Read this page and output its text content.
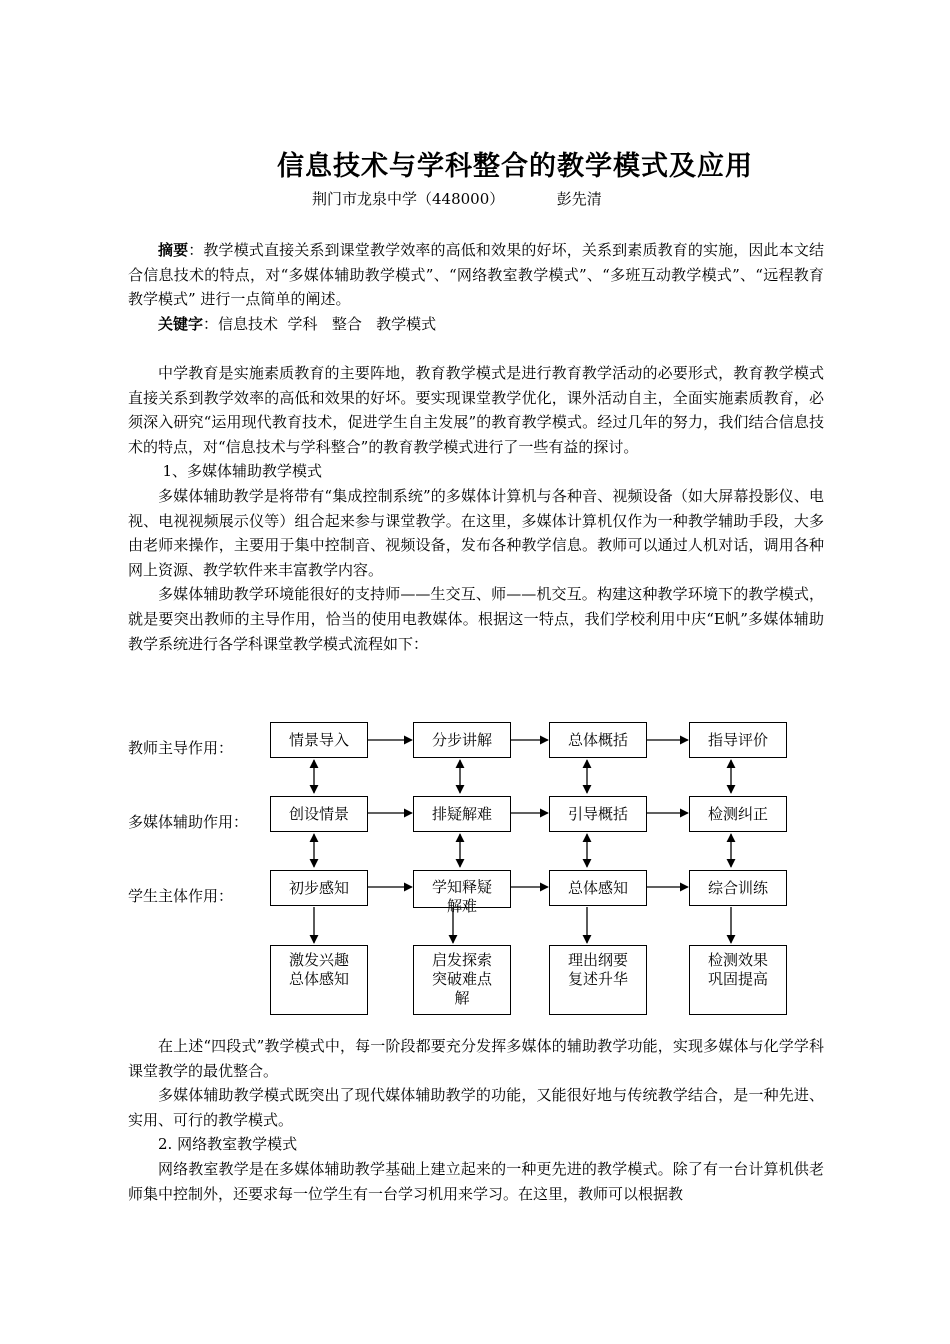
信息技术与学科整合的教学模式及应用
荆门市龙泉中学（448000）	彭先清

摘要：教学模式直接关系到课堂教学效率的高低和效果的好坏，关系到素质教育的实施，因此本文结合信息技术的特点，对“多媒体辅助教学模式”、“网络教室教学模式”、“多班互动教学模式”、“远程教育教学模式” 进行一点简单的阐述。

关键字：信息技术  学科   整合   教学模式

中学教育是实施素质教育的主要阵地，教育教学模式是进行教育教学活动的必要形式，教育教学模式直接关系到教学效率的高低和效果的好坏。要实现课堂教学优化，课外活动自主，全面实施素质教育，必须深入研究“运用现代教育技术，促进学生自主发展”的教育教学模式。经过几年的努力，我们结合信息技术的特点，对“信息技术与学科整合”的教育教学模式进行了一些有益的探讨。

1、多媒体辅助教学模式

多媒体辅助教学是将带有“集成控制系统”的多媒体计算机与各种音、视频设备（如大屏幕投影仪、电视、电视视频展示仪等）组合起来参与课堂教学。在这里，多媒体计算机仅作为一种教学辅助手段，大多由老师来操作，主要用于集中控制音、视频设备，发布各种教学信息。教师可以通过人机对话，调用各种网上资源、教学软件来丰富教学内容。

多媒体辅助教学环境能很好的支持师——生交互、师——机交互。构建这种教学环境下的教学模式，就是要突出教师的主导作用，恰当的使用电教媒体。根据这一特点，我们学校利用中庆“E帆”多媒体辅助教学系统进行各学科课堂教学模式流程如下：

教师主导作用：
多媒体辅助作用：
学生主体作用：
情景导入	分步讲解	总体概括	指导评价
创设情景	排疑解难	引导概括	检测纠正
初步感知	学知释疑解难
总体感知	综合训练
激发兴趣总体感知
启发探索突破难点解
理出纲要复述升华
检测效果巩固提高

在上述“四段式”教学模式中，每一阶段都要充分发挥多媒体的辅助教学功能，实现多媒体与化学学科课堂教学的最优整合。

多媒体辅助教学模式既突出了现代媒体辅助教学的功能，又能很好地与传统教学结合，是一种先进、实用、可行的教学模式。

2. 网络教室教学模式

网络教室教学是在多媒体辅助教学基础上建立起来的一种更先进的教学模式。除了有一台计算机供老师集中控制外，还要求每一位学生有一台学习机用来学习。在这里，教师可以根据教
